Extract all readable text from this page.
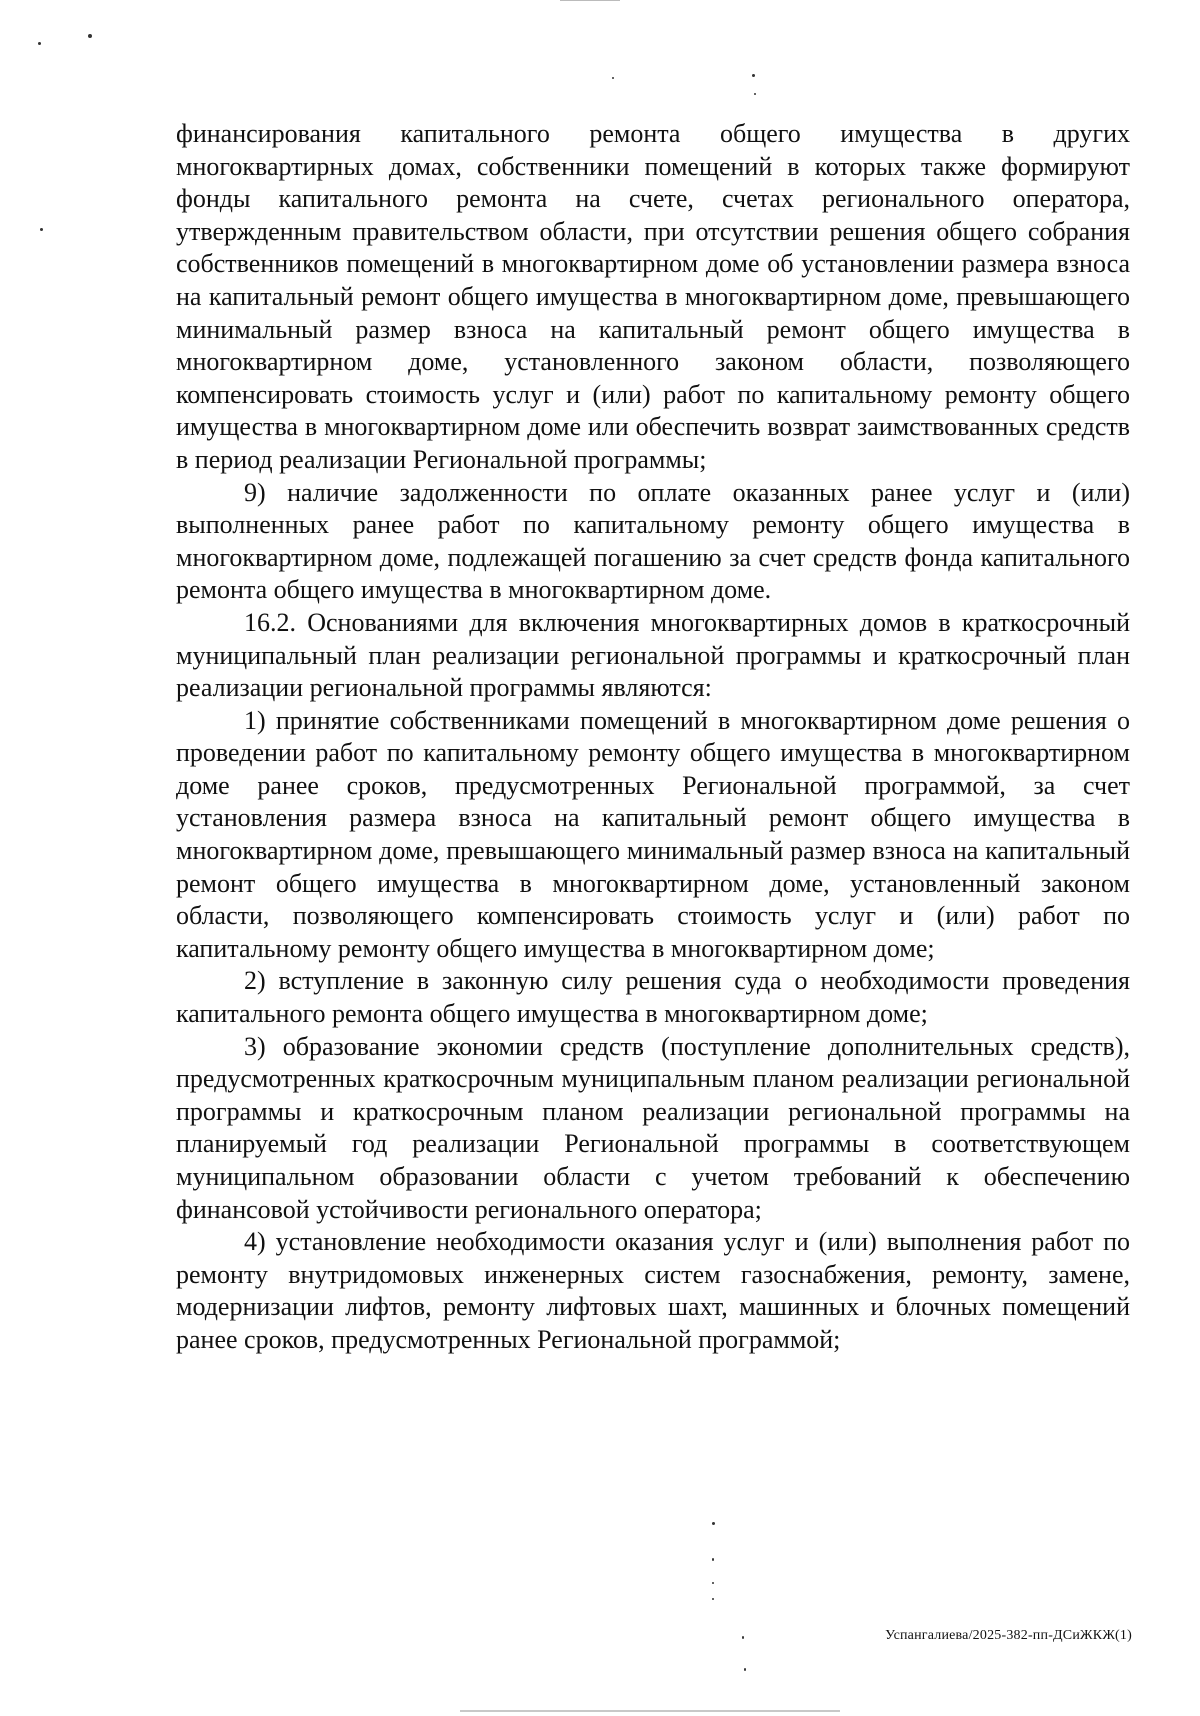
финансирования капитального ремонта общего имущества в других многоквартирных домах, собственники помещений в которых также формируют фонды капитального ремонта на счете, счетах регионального оператора, утвержденным правительством области, при отсутствии решения общего собрания собственников помещений в многоквартирном доме об установлении размера взноса на капитальный ремонт общего имущества в многоквартирном доме, превышающего минимальный размер взноса на капитальный ремонт общего имущества в многоквартирном доме, установленного законом области, позволяющего компенсировать стоимость услуг и (или) работ по капитальному ремонту общего имущества в многоквартирном доме или обеспечить возврат заимствованных средств в период реализации Региональной программы;

9) наличие задолженности по оплате оказанных ранее услуг и (или) выполненных ранее работ по капитальному ремонту общего имущества в многоквартирном доме, подлежащей погашению за счет средств фонда капитального ремонта общего имущества в многоквартирном доме.

16.2. Основаниями для включения многоквартирных домов в краткосрочный муниципальный план реализации региональной программы и краткосрочный план реализации региональной программы являются:

1) принятие собственниками помещений в многоквартирном доме решения о проведении работ по капитальному ремонту общего имущества в многоквартирном доме ранее сроков, предусмотренных Региональной программой, за счет установления размера взноса на капитальный ремонт общего имущества в многоквартирном доме, превышающего минимальный размер взноса на капитальный ремонт общего имущества в многоквартирном доме, установленный законом области, позволяющего компенсировать стоимость услуг и (или) работ по капитальному ремонту общего имущества в многоквартирном доме;

2) вступление в законную силу решения суда о необходимости проведения капитального ремонта общего имущества в многоквартирном доме;

3) образование экономии средств (поступление дополнительных средств), предусмотренных краткосрочным муниципальным планом реализации региональной программы и краткосрочным планом реализации региональной программы на планируемый год реализации Региональной программы в соответствующем муниципальном образовании области с учетом требований к обеспечению финансовой устойчивости регионального оператора;

4) установление необходимости оказания услуг и (или) выполнения работ по ремонту внутридомовых инженерных систем газоснабжения, ремонту, замене, модернизации лифтов, ремонту лифтовых шахт, машинных и блочных помещений ранее сроков, предусмотренных Региональной программой;

Успангалиева/2025-382-пп-ДСиЖКЖ(1)
